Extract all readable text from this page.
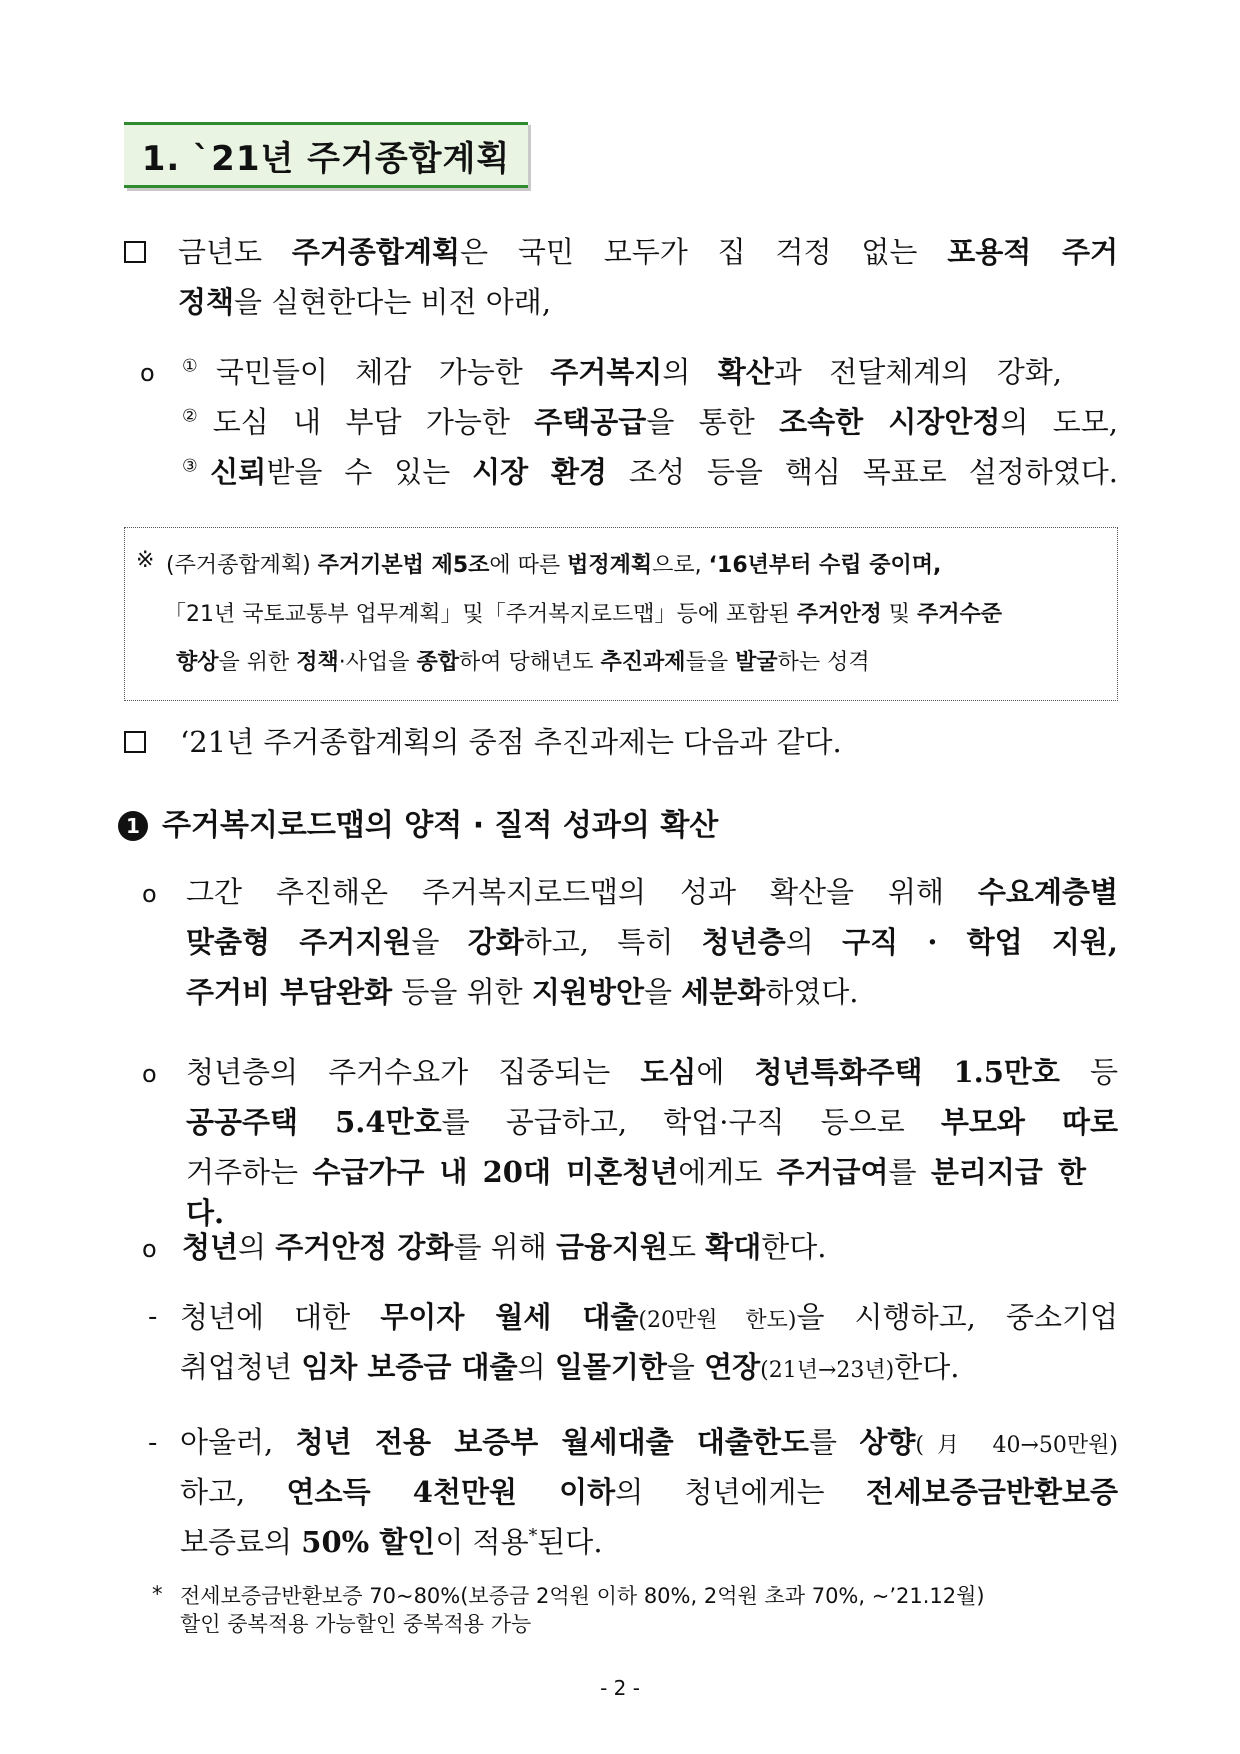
1. `21년 주거종합계획
금년도 주거종합계획은 국민 모두가 집 걱정 없는 포용적 주거
정책을 실현한다는 비전 아래,
o ①국민들이 체감 가능한 주거복지의 확산과 전달체계의 강화,
②도심 내 부담 가능한 주택공급을 통한 조속한 시장안정의 도모,
③신뢰받을 수 있는 시장 환경 조성 등을 핵심 목표로 설정하였다.
※ (주거종합계획) 주거기본법 제5조에 따른 법정계획으로, ‘16년부터 수립 중이며,
「21년 국토교통부 업무계획」및「주거복지로드맵」등에 포함된 주거안정 및 주거수준
향상을 위한 정책·사업을 종합하여 당해년도 추진과제들을 발굴하는 성격
‘21년 주거종합계획의 중점 추진과제는 다음과 같다.
1 주거복지로드맵의 양적 · 질적 성과의 확산
o 그간 추진해온 주거복지로드맵의 성과 확산을 위해 수요계층별
맞춤형 주거지원을 강화하고, 특히 청년층의 구직 · 학업 지원,
주거비 부담완화 등을 위한 지원방안을 세분화하였다.
o 청년층의 주거수요가 집중되는 도심에 청년특화주택 1.5만호 등
공공주택 5.4만호를 공급하고, 학업·구직 등으로 부모와 따로
거주하는 수급가구 내 20대 미혼청년에게도 주거급여를 분리지급 한다.
o 청년의 주거안정 강화를 위해 금융지원도 확대한다.
- 청년에 대한 무이자 월세 대출(20만원 한도)을 시행하고, 중소기업
취업청년 임차 보증금 대출의 일몰기한을 연장(21년→23년)한다.
- 아울러, 청년 전용 보증부 월세대출 대출한도를 상향(月 40→50만원)
하고, 연소득 4천만원 이하의 청년에게는 전세보증금반환보증
보증료의 50% 할인이 적용*된다.
* 전세보증금반환보증 70~80%(보증금 2억원 이하 80%, 2억원 초과 70%, ~’21.12월)
할인 중복적용 가능할인 중복적용 가능
- 2 -
